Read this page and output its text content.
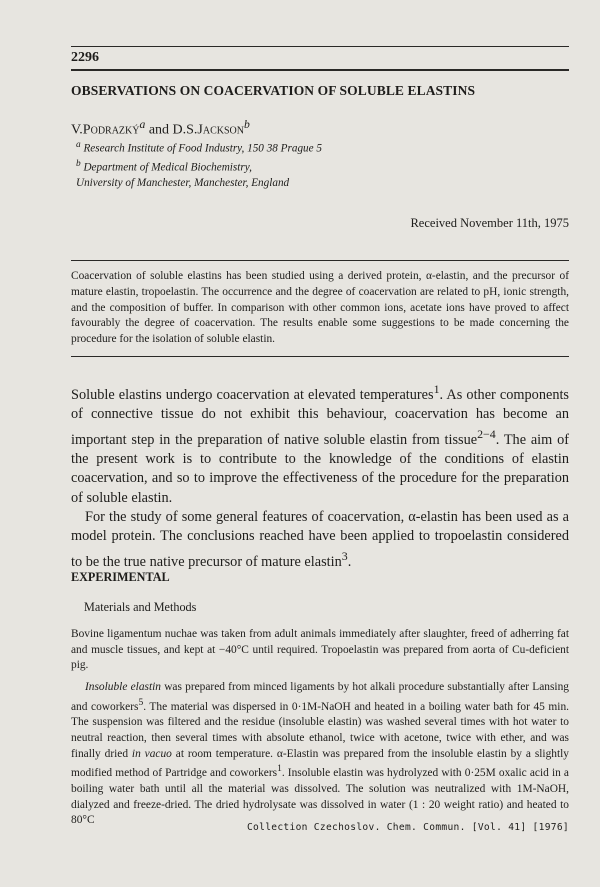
2296
OBSERVATIONS ON COACERVATION OF SOLUBLE ELASTINS
V.Podrazký$^a$ and D.S.Jackson$^b$
$^a$ Research Institute of Food Industry, 150 38 Prague 5
$^b$ Department of Medical Biochemistry,
University of Manchester, Manchester, England
Received November 11th, 1975
Coacervation of soluble elastins has been studied using a derived protein, α-elastin, and the precursor of mature elastin, tropoelastin. The occurrence and the degree of coacervation are related to pH, ionic strength, and the composition of buffer. In comparison with other common ions, acetate ions have proved to affect favourably the degree of coacervation. The results enable some suggestions to be made concerning the procedure for the isolation of soluble elastin.

Soluble elastins undergo coacervation at elevated temperatures$^1$. As other components of connective tissue do not exhibit this behaviour, coacervation has become an important step in the preparation of native soluble elastin from tissue$^{2-4}$. The aim of the present work is to contribute to the knowledge of the conditions of elastin coacervation, and so to improve the effectiveness of the procedure for the preparation of soluble elastin.

For the study of some general features of coacervation, α-elastin has been used as a model protein. The conclusions reached have been applied to tropoelastin considered to be the true native precursor of mature elastin$^3$.

EXPERIMENTAL
Materials and Methods

Bovine ligamentum nuchae was taken from adult animals immediately after slaughter, freed of adherring fat and muscle tissues, and kept at −40°C until required. Tropoelastin was prepared from aorta of Cu-deficient pig.

Insoluble elastin was prepared from minced ligaments by hot alkali procedure substantially after Lansing and coworkers$^5$. The material was dispersed in 0·1M-NaOH and heated in a boiling water bath for 45 min. The suspension was filtered and the residue (insoluble elastin) was washed several times with hot water to neutral reaction, then several times with absolute ethanol, twice with acetone, twice with ether, and was finally dried in vacuo at room temperature. α-Elastin was prepared from the insoluble elastin by a slightly modified method of Partridge and coworkers$^1$. Insoluble elastin was hydrolyzed with 0·25M oxalic acid in a boiling water bath until all the material was dissolved. The solution was neutralized with 1M-NaOH, dialyzed and freeze-dried. The dried hydrolysate was dissolved in water (1 : 20 weight ratio) and heated to 80°C

Collection Czechoslov. Chem. Commun. [Vol. 41] [1976]
